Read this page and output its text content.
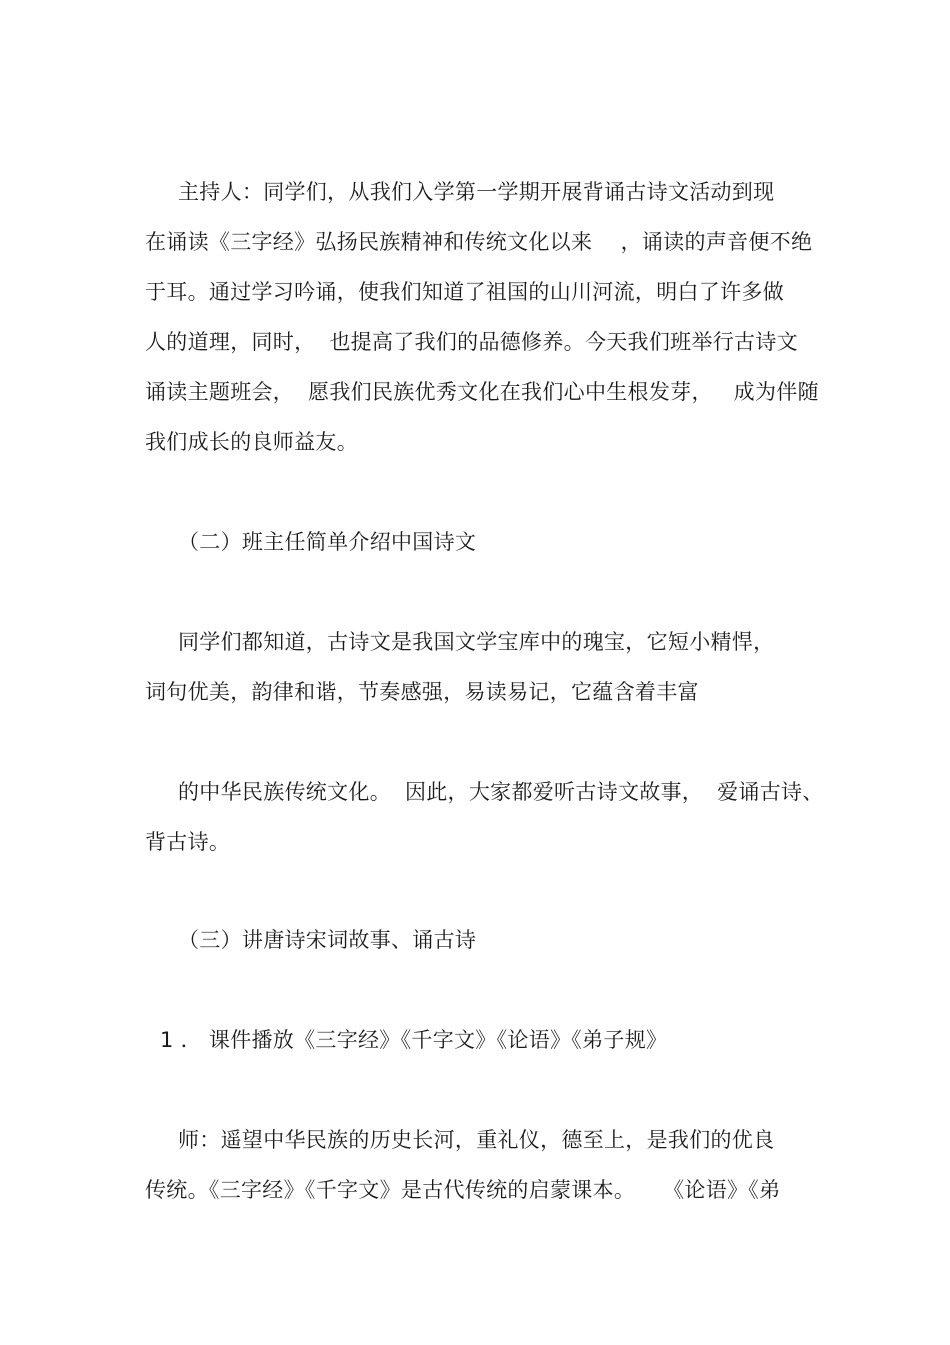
主持人：同学们，从我们入学第一学期开展背诵古诗文活动到现
在诵读《三字经》弘扬民族精神和传统文化以来　 ，诵读的声音便不绝
于耳。通过学习吟诵，使我们知道了祖国的山川河流，明白了许多做
人的道理，同时，  也提高了我们的品德修养。今天我们班举行古诗文
诵读主题班会，  愿我们民族优秀文化在我们心中生根发芽，   成为伴随
我们成长的良师益友。
（二）班主任简单介绍中国诗文
同学们都知道，古诗文是我国文学宝库中的瑰宝，它短小精悍，
词句优美，韵律和谐，节奏感强，易读易记，它蕴含着丰富
的中华民族传统文化。  因此，大家都爱听古诗文故事，  爱诵古诗、
背古诗。
（三）讲唐诗宋词故事、诵古诗
1 ． 课件播放《三字经》《千字文》《论语》《弟子规》
师：遥望中华民族的历史长河，重礼仪，德至上，是我们的优良
传统。《三字经》《千字文》是古代传统的启蒙课本。    《论语》《弟
